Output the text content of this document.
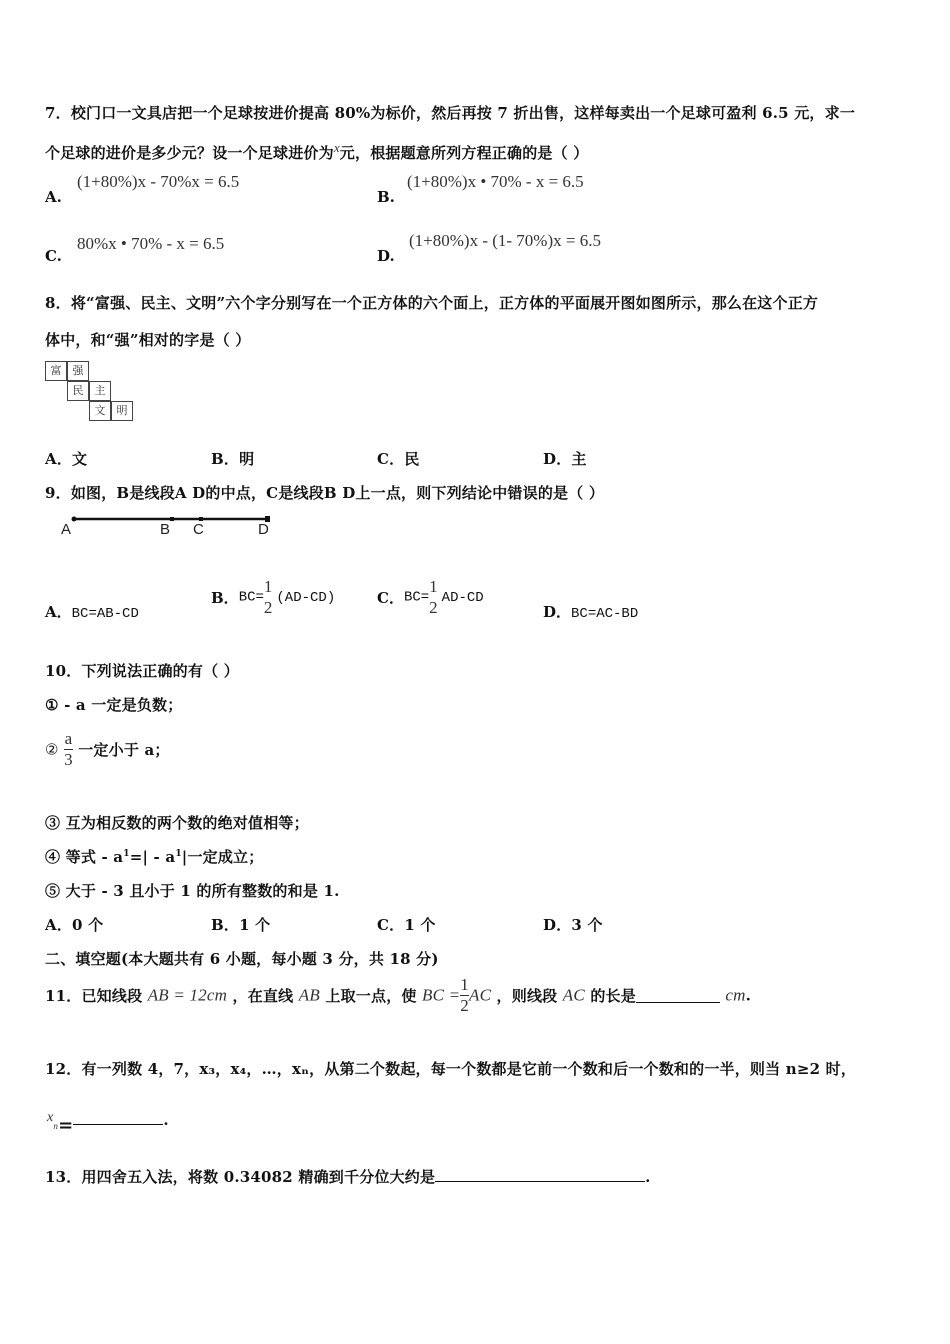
7．校门口一文具店把一个足球按进价提高 80%为标价，然后再按 7 折出售，这样每卖出一个足球可盈利 6.5 元，求一
个足球的进价是多少元？设一个足球进价为$^x$元，根据题意所列方程正确的是（ ）
A.
(1+80%)x - 70%x = 6.5
B.
(1+80%)x • 70% - x = 6.5
C.
80%x • 70% - x = 6.5
D.
(1+80%)x - (1- 70%)x = 6.5
8．将“富强、民主、文明”六个字分别写在一个正方体的六个面上，正方体的平面展开图如图所示，那么在这个正方
体中，和“强”相对的字是（ ）
富	强
民	主
文	明
A．文	B．明	C．民	D．主
9．如图，B是线段A D的中点，C是线段B D上一点，则下列结论中错误的是（ ）
A	B C	D
A．BC=AB-CD
B．BC=
1
2
(AD-CD)	C．BC=
1
2
AD-CD
D．BC=AC-BD
10．下列说法正确的有（ ）
① - a 一定是负数；
② $\frac{a}{3}$ 一定小于 a；
③ 互为相反数的两个数的绝对值相等；
④ 等式 - $a^1=| - a^1|$一定成立；
⑤ 大于 - 3 且小于 1 的所有整数的和是 1.
A．0 个	B．1 个	C．1 个	D．3 个
二、填空题(本大题共有 6 小题，每小题 3 分，共 18 分)
11．已知线段 AB = 12cm ，在直线 AB 上取一点，使 BC = $\frac{1}{2}$ AC ，则线段 AC 的长是	cm.
12．有一列数 4，7，x₃，x₄，…，xₙ，从第二个数起，每一个数都是它前一个数和后一个数和的一半，则当 n≥2 时，
$x_n=$	.
13．用四舍五入法，将数 0.34082 精确到千分位大约是	.
